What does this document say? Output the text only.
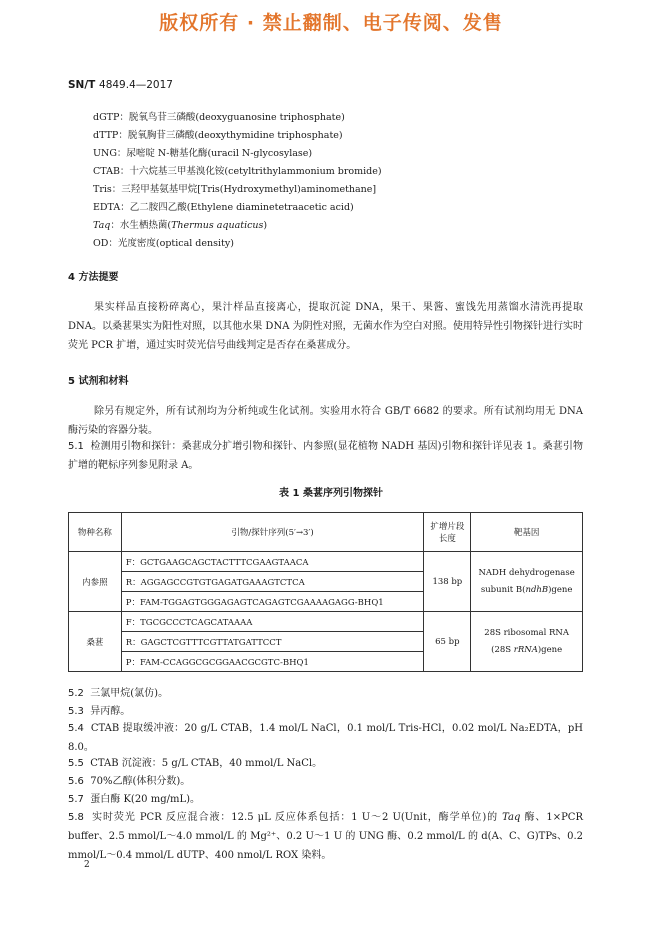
版权所有 · 禁止翻制、电子传阅、发售
SN/T 4849.4—2017
dGTP：脱氧鸟苷三磷酸(deoxyguanosine triphosphate)
dTTP：脱氧胸苷三磷酸(deoxythymidine triphosphate)
UNG：尿嘧啶 N-糖基化酶(uracil N-glycosylase)
CTAB：十六烷基三甲基溴化铵(cetyltrithylammonium bromide)
Tris：三羟甲基氨基甲烷[Tris(Hydroxymethyl)aminomethane]
EDTA：乙二胺四乙酸(Ethylene diaminetetraacetic acid)
Taq：水生栖热菌(Thermus aquaticus)
OD：光度密度(optical density)
4 方法提要
果实样品直接粉碎离心，果汁样品直接离心，提取沉淀 DNA，果干、果酱、蜜饯先用蒸馏水清洗再提取 DNA。以桑葚果实为阳性对照，以其他水果 DNA 为阴性对照，无菌水作为空白对照。使用特异性引物探针进行实时荧光 PCR 扩增，通过实时荧光信号曲线判定是否存在桑葚成分。
5 试剂和材料
除另有规定外，所有试剂均为分析纯或生化试剂。实验用水符合 GB/T 6682 的要求。所有试剂均用无 DNA 酶污染的容器分装。
5.1 检测用引物和探针：桑葚成分扩增引物和探针、内参照(显花植物 NADH 基因)引物和探针详见表 1。桑葚引物扩增的靶标序列参见附录 A。
表 1 桑葚序列引物探针
物种名称	引物/探针序列(5′→3′)	扩增片段长度	靶基因
内参照	F：GCTGAAGCAGCTACTTTCGAAGTAACA	138 bp	NADH dehydrogenase subunit B(ndhB)gene
	R：AGGAGCCGTGTGAGATGAAAGTCTCA		
	P：FAM-TGGAGTGGGAGAGTCAGAGTCGAAAAGAGG-BHQ1		
桑葚	F：TGCGCCCTCAGCATAAAA	65 bp	28S ribosomal RNA
(28S rRNA)gene
	R：GAGCTCGTTTCGTTATGATTCCT		
	P：FAM-CCAGGCGCGGAACGCGTC-BHQ1		
5.2 三氯甲烷(氯仿)。
5.3 异丙醇。
5.4 CTAB 提取缓冲液：20 g/L CTAB，1.4 mol/L NaCl，0.1 mol/L Tris-HCl，0.02 mol/L Na₂EDTA，pH 8.0。
5.5 CTAB 沉淀液：5 g/L CTAB，40 mmol/L NaCl。
5.6 70%乙醇(体积分数)。
5.7 蛋白酶 K(20 mg/mL)。
5.8 实时荧光 PCR 反应混合液：12.5 μL 反应体系包括：1 U～2 U(Unit，酶学单位)的 Taq 酶、1×PCR buffer、2.5 mmol/L～4.0 mmol/L 的 Mg²⁺、0.2 U～1 U 的 UNG 酶、0.2 mmol/L 的 d(A、C、G)TPs、0.2 mmol/L～0.4 mmol/L dUTP、400 nmol/L ROX 染料。
2
